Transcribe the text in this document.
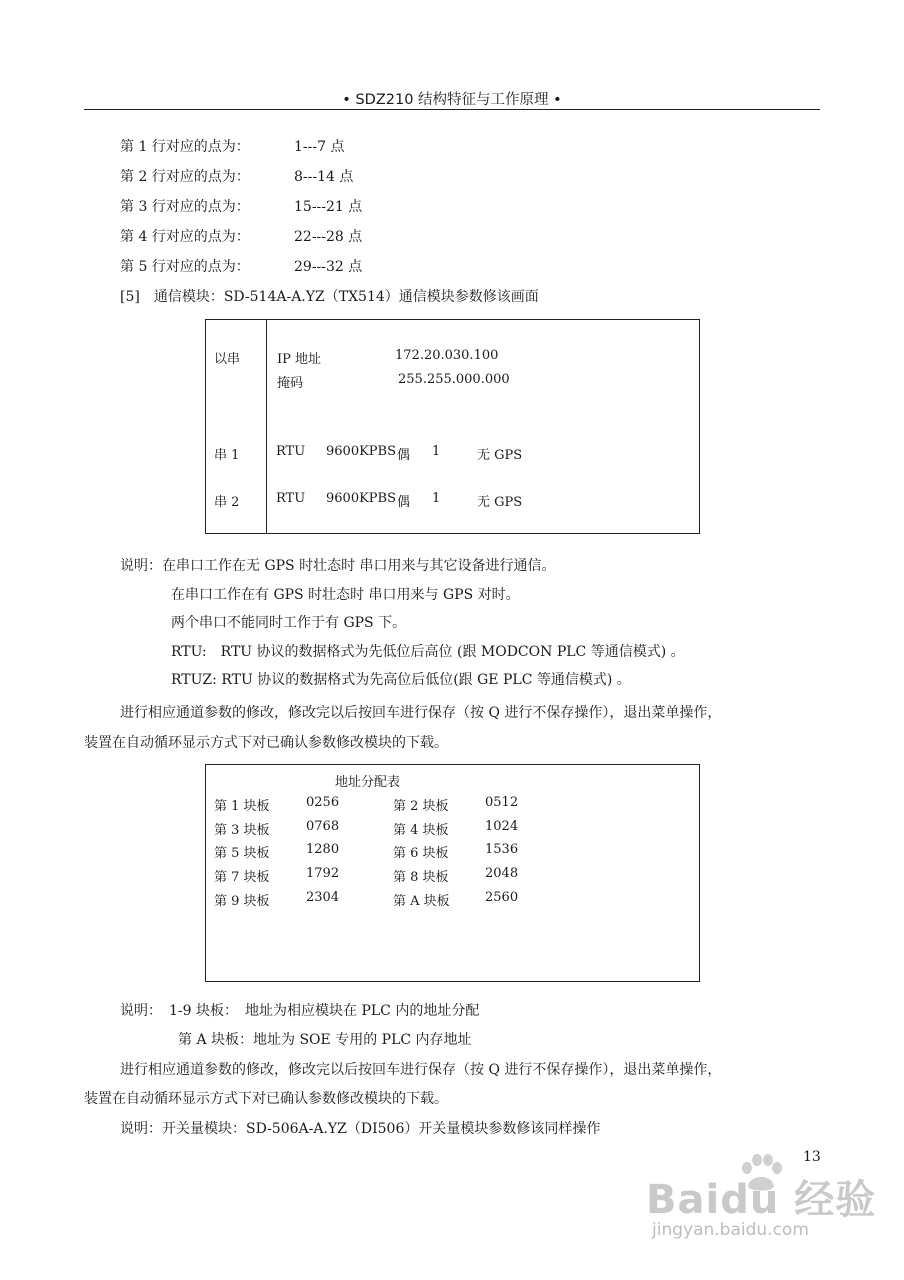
• SDZ210 结构特征与工作原理 •
第 1 行对应的点为：	1---7 点
第 2 行对应的点为：	8---14 点
第 3 行对应的点为：	15---21 点
第 4 行对应的点为：	22---28 点
第 5 行对应的点为：	29---32 点
[5]　通信模块：SD-514A-A.YZ（TX514）通信模块参数修该画面
以串	IP 地址	172.20.030.100
掩码	255.255.000.000
串 1	RTU 9600KPBS 偶 1	无 GPS
串 2	RTU 9600KPBS 偶 1	无 GPS
说明：在串口工作在无 GPS 时壮态时 串口用来与其它设备进行通信。
在串口工作在有 GPS 时壮态时 串口用来与 GPS 对时。
两个串口不能同时工作于有 GPS 下。
RTU:　RTU 协议的数据格式为先低位后高位 (跟 MODCON PLC 等通信模式) 。
RTUZ: RTU 协议的数据格式为先高位后低位(跟 GE PLC 等通信模式) 。
进行相应通道参数的修改，修改完以后按回车进行保存（按 Q 进行不保存操作），退出菜单操作，
装置在自动循环显示方式下对已确认参数修改模块的下载。
地址分配表
第 1 块板	0256	第 2 块板	0512
第 3 块板	0768	第 4 块板	1024
第 5 块板	1280	第 6 块板	1536
第 7 块板	1792	第 8 块板	2048
第 9 块板	2304	第 A 块板	2560
说明：　1-9 块板：　地址为相应模块在 PLC 内的地址分配
第 A 块板：地址为 SOE 专用的 PLC 内存地址
进行相应通道参数的修改，修改完以后按回车进行保存（按 Q 进行不保存操作），退出菜单操作，
装置在自动循环显示方式下对已确认参数修改模块的下载。
说明：开关量模块：SD-506A-A.YZ（DI506）开关量模块参数修该同样操作
13
Baidu 经验
jingyan.baidu.com
